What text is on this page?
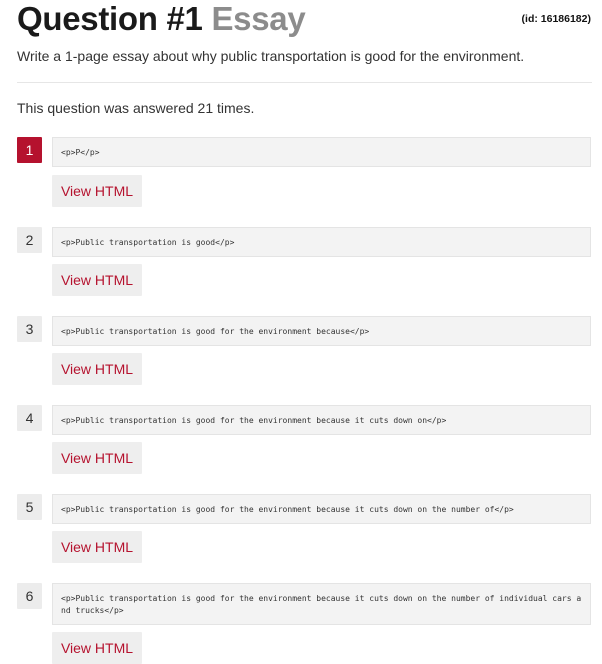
Question #1 Essay	(id: 16186182)
Write a 1-page essay about why public transportation is good for the environment.
This question was answered 21 times.
1	<p>P</p>
View HTML
2	<p>Public transportation is good</p>
View HTML
3	<p>Public transportation is good for the environment because</p>
View HTML
4	<p>Public transportation is good for the environment because it cuts down on</p>
View HTML
5	<p>Public transportation is good for the environment because it cuts down on the number of</p>
View HTML
6	<p>Public transportation is good for the environment because it cuts down on the number of individual cars and trucks</p>
View HTML
